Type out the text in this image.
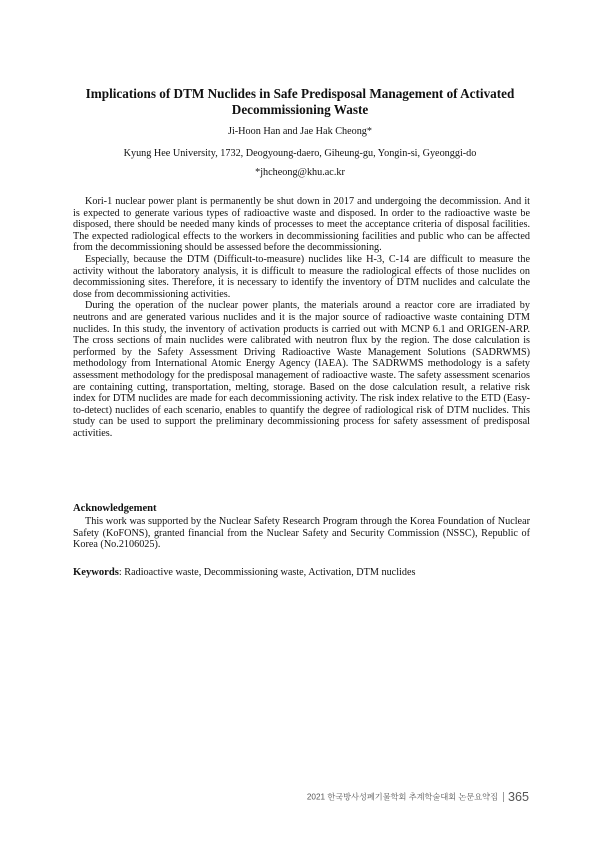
Implications of DTM Nuclides in Safe Predisposal Management of Activated Decommissioning Waste
Ji-Hoon Han and Jae Hak Cheong*
Kyung Hee University, 1732, Deogyoung-daero, Giheung-gu, Yongin-si, Gyeonggi-do
*jhcheong@khu.ac.kr

Kori-1 nuclear power plant is permanently be shut down in 2017 and undergoing the decommission. And it is expected to generate various types of radioactive waste and disposed. In order to the radioactive waste be disposed, there should be needed many kinds of processes to meet the acceptance criteria of disposal facilities. The expected radiological effects to the workers in decommissioning facilities and public who can be affected from the decommissioning should be assessed before the decommissioning.

Especially, because the DTM (Difficult-to-measure) nuclides like H-3, C-14 are difficult to measure the activity without the laboratory analysis, it is difficult to measure the radiological effects of those nuclides on decommissioning sites. Therefore, it is necessary to identify the inventory of DTM nuclides and calculate the dose from decommissioning activities.

During the operation of the nuclear power plants, the materials around a reactor core are irradiated by neutrons and are generated various nuclides and it is the major source of radioactive waste containing DTM nuclides. In this study, the inventory of activation products is carried out with MCNP 6.1 and ORIGEN-ARP. The cross sections of main nuclides were calibrated with neutron flux by the region. The dose calculation is performed by the Safety Assessment Driving Radioactive Waste Management Solutions (SADRWMS) methodology from International Atomic Energy Agency (IAEA). The SADRWMS methodology is a safety assessment methodology for the predisposal management of radioactive waste. The safety assessment scenarios are containing cutting, transportation, melting, storage. Based on the dose calculation result, a relative risk index for DTM nuclides are made for each decommissioning activity. The risk index relative to the ETD (Easy-to-detect) nuclides of each scenario, enables to quantify the degree of radiological risk of DTM nuclides. This study can be used to support the preliminary decommissioning process for safety assessment of predisposal activities.

Acknowledgement

This work was supported by the Nuclear Safety Research Program through the Korea Foundation of Nuclear Safety (KoFONS), granted financial from the Nuclear Safety and Security Commission (NSSC), Republic of Korea (No.2106025).

Keywords: Radioactive waste, Decommissioning waste, Activation, DTM nuclides
2021 한국방사성폐기물학회 추계학술대회 논문요약집 365
